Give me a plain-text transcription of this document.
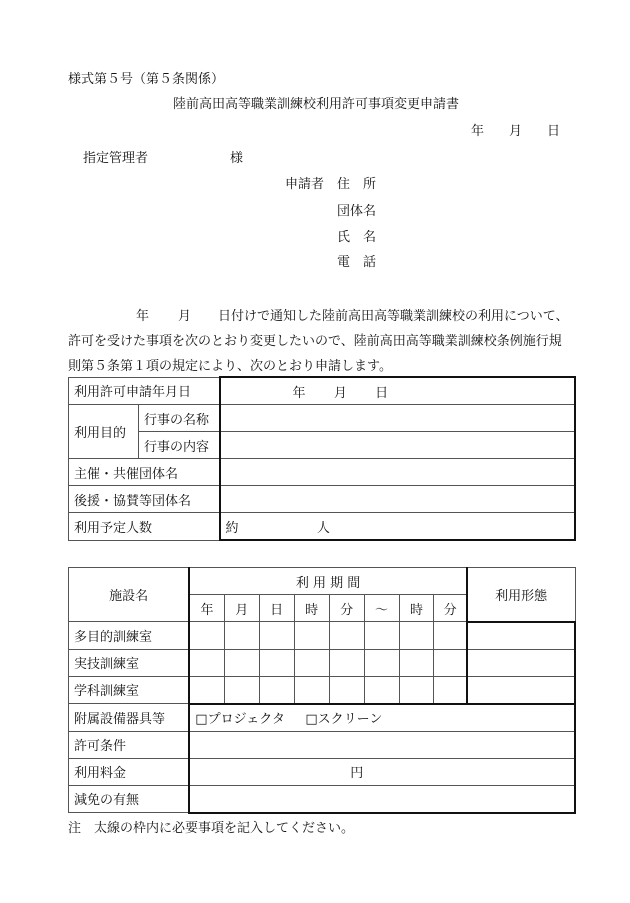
様式第５号（第５条関係）
陸前高田高等職業訓練校利用許可事項変更申請書
年 月 日
指定管理者	様
申請者 住　所
団体名
氏　名
電　話
年 月 日付けで通知した陸前高田高等職業訓練校の利用について、
許可を受けた事項を次のとおり変更したいので、陸前高田高等職業訓練校条例施行規
則第５条第１項の規定により、次のとおり申請します。
利用許可申請年月日		年 月 日
利用目的	行事の名称	
	行事の内容	
主催・共催団体名		
後援・協賛等団体名		
利用予定人数		約 人
施設名	利 用 期 間								利用形態
	年	月	日	時	分	～	時	分	
多目的訓練室									
実技訓練室									
学科訓練室									
附属設備器具等	□プロジェクタ □スクリーン								
許可条件									
利用料金	円								
減免の有無									
注　太線の枠内に必要事項を記入してください。
